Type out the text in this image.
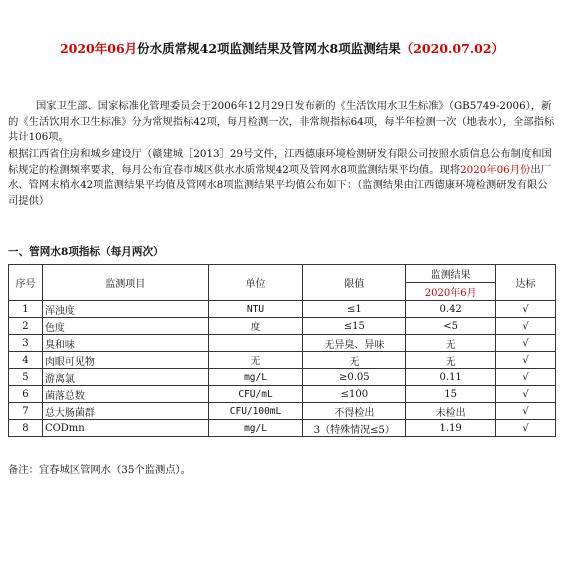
2020年06月份水质常规42项监测结果及管网水8项监测结果（2020.07.02）
国家卫生部、国家标准化管理委员会于2006年12月29日发布新的《生活饮用水卫生标准》（GB5749-2006），新的《生活饮用水卫生标准》分为常规指标42项，每月检测一次，非常规指标64项，每半年检测一次（地表水），全部指标共计106项。
根据江西省住房和城乡建设厅（赣建城［2013］29号文件，江西德康环境检测研发有限公司按照水质信息公布制度和国标规定的检测频率要求，每月公布宜春市城区供水水质常规42项及管网水8项监测结果平均值。现将2020年06月份出厂水、管网末梢水42项监测结果平均值及管网水8项监测结果平均值公布如下：（监测结果由江西德康环境检测研发有限公司提供）
一、管网水8项指标（每月两次）
序号	监测项目	单位	限值	监测结果	达标
				2020年6月	
1	浑浊度	NTU	≤1	0.42	√
2	色度	度	≤15	<5	√
3	臭和味		无异臭、异味	无	√
4	肉眼可见物	无	无	无	√
5	游离氯	mg/L	≥0.05	0.11	√
6	菌落总数	CFU/mL	≤100	15	√
7	总大肠菌群	CFU/100mL	不得检出	未检出	√
8	CODmn	mg/L	3（特殊情况≤5）	1.19	√
备注：宜春城区管网水（35个监测点）。
